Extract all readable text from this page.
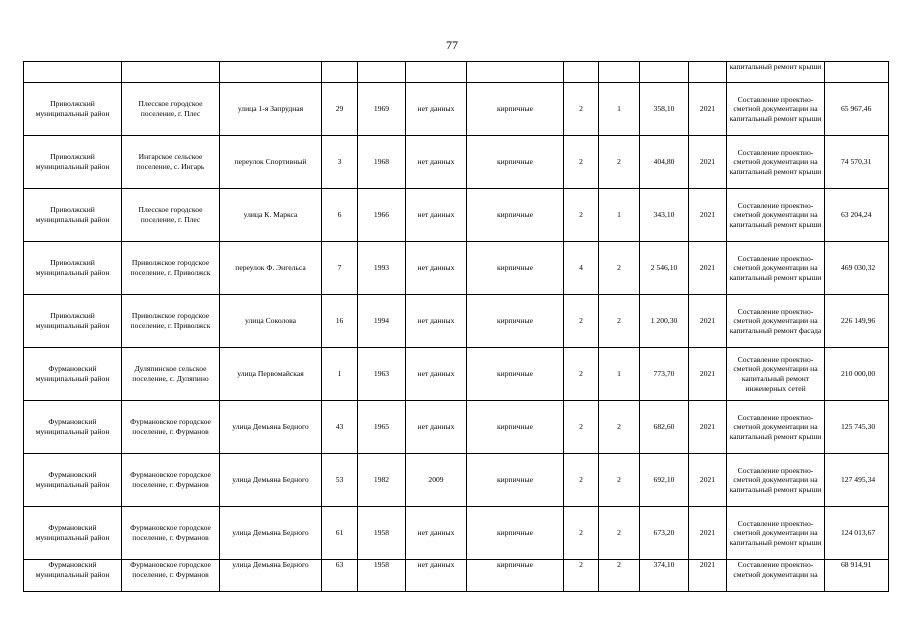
77
											капитальный ремонт крыши	
Приволжский муниципальный район	Плесское городское поселение, г. Плес	улица 1-я Запрудная	29	1969	нет данных	кирпичные	2	1	358,10	2021	Составление проектно-сметной документации на капитальный ремонт крыши	65 967,46
Приволжский муниципальный район	Ингарское сельское поселение, с. Ингарь	переулок Спортивный	3	1968	нет данных	кирпичные	2	2	404,80	2021	Составление проектно-сметной документации на капитальный ремонт крыши	74 570,31
Приволжский муниципальный район	Плесское городское поселение, г. Плес	улица К. Маркса	6	1966	нет данных	кирпичные	2	1	343,10	2021	Составление проектно-сметной документации на капитальный ремонт крыши	63 204,24
Приволжский муниципальный район	Приволжское городское поселение, г. Приволжск	переулок Ф. Энгельса	7	1993	нет данных	кирпичные	4	2	2 546,10	2021	Составление проектно-сметной документации на капитальный ремонт крыши	469 030,32
Приволжский муниципальный район	Приволжское городское поселение, г. Приволжск	улица Соколова	16	1994	нет данных	кирпичные	2	2	1 200,30	2021	Составление проектно-сметной документации на капитальный ремонт фасада	226 149,96
Фурмановский муниципальный район	Дуляпинское сельское поселение, с. Дуляпино	улица Первомайская	1	1963	нет данных	кирпичные	2	1	773,70	2021	Составление проектно-сметной документации на капитальный ремонт инженерных сетей	210 000,00
Фурмановский муниципальный район	Фурмановское городское поселение, г. Фурманов	улица Демьяна Бедного	43	1965	нет данных	кирпичные	2	2	682,60	2021	Составление проектно-сметной документации на капитальный ремонт крыши	125 745,30
Фурмановский муниципальный район	Фурмановское городское поселение, г. Фурманов	улица Демьяна Бедного	53	1982	2009	кирпичные	2	2	692,10	2021	Составление проектно-сметной документации на капитальный ремонт крыши	127 495,34
Фурмановский муниципальный район	Фурмановское городское поселение, г. Фурманов	улица Демьяна Бедного	61	1958	нет данных	кирпичные	2	2	673,20	2021	Составление проектно-сметной документации на капитальный ремонт крыши	124 013,67
Фурмановский муниципальный район	Фурмановское городское поселение, г. Фурманов	улица Демьяна Бедного	63	1958	нет данных	кирпичные	2	2	374,10	2021	Составление проектно-сметной документации на	68 914,91
